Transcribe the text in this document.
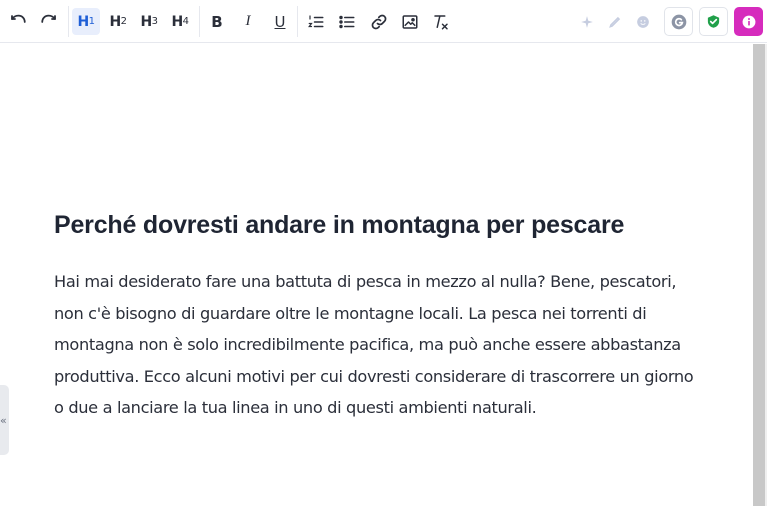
H 1 H 2 H 3 H 4 B I U
Perché dovresti andare in montagna per pescare

Hai mai desiderato fare una battuta di pesca in mezzo al nulla? Bene, pescatori, non c'è bisogno di guardare oltre le montagne locali. La pesca nei torrenti di montagna non è solo incredibilmente pacifica, ma può anche essere abbastanza produttiva. Ecco alcuni motivi per cui dovresti considerare di trascorrere un giorno o due a lanciare la tua linea in uno di questi ambienti naturali.

«
